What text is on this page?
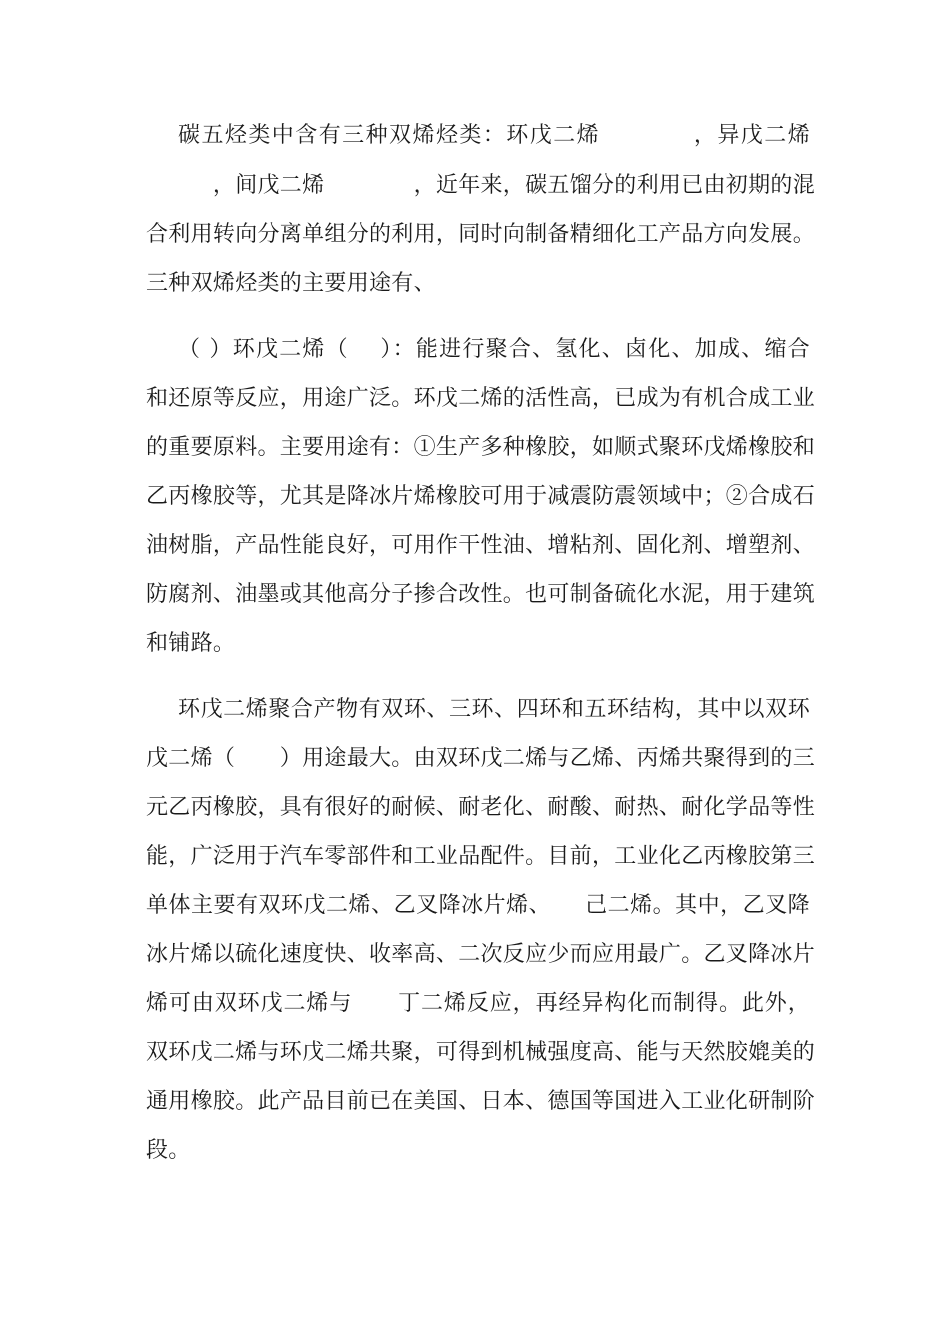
碳五烃类中含有三种双烯烃类：环戊二烯　　　　，异戊二烯
　　　，间戊二烯　　　　，近年来，碳五馏分的利用已由初期的混
合利用转向分离单组分的利用，同时向制备精细化工产品方向发展。
三种双烯烃类的主要用途有、
（ ）环戊二烯（　 ）：能进行聚合、氢化、卤化、加成、缩合
和还原等反应，用途广泛。环戊二烯的活性高，已成为有机合成工业
的重要原料。主要用途有：①生产多种橡胶，如顺式聚环戊烯橡胶和
乙丙橡胶等，尤其是降冰片烯橡胶可用于减震防震领域中；②合成石
油树脂，产品性能良好，可用作干性油、增粘剂、固化剂、增塑剂、
防腐剂、油墨或其他高分子掺合改性。也可制备硫化水泥，用于建筑
和铺路。
环戊二烯聚合产物有双环、三环、四环和五环结构，其中以双环
戊二烯（　　）用途最大。由双环戊二烯与乙烯、丙烯共聚得到的三
元乙丙橡胶，具有很好的耐候、耐老化、耐酸、耐热、耐化学品等性
能，广泛用于汽车零部件和工业品配件。目前，工业化乙丙橡胶第三
单体主要有双环戊二烯、乙叉降冰片烯、　　己二烯。其中，乙叉降
冰片烯以硫化速度快、收率高、二次反应少而应用最广。乙叉降冰片
烯可由双环戊二烯与　　丁二烯反应，再经异构化而制得。此外，
双环戊二烯与环戊二烯共聚，可得到机械强度高、能与天然胶媲美的
通用橡胶。此产品目前已在美国、日本、德国等国进入工业化研制阶
段。
